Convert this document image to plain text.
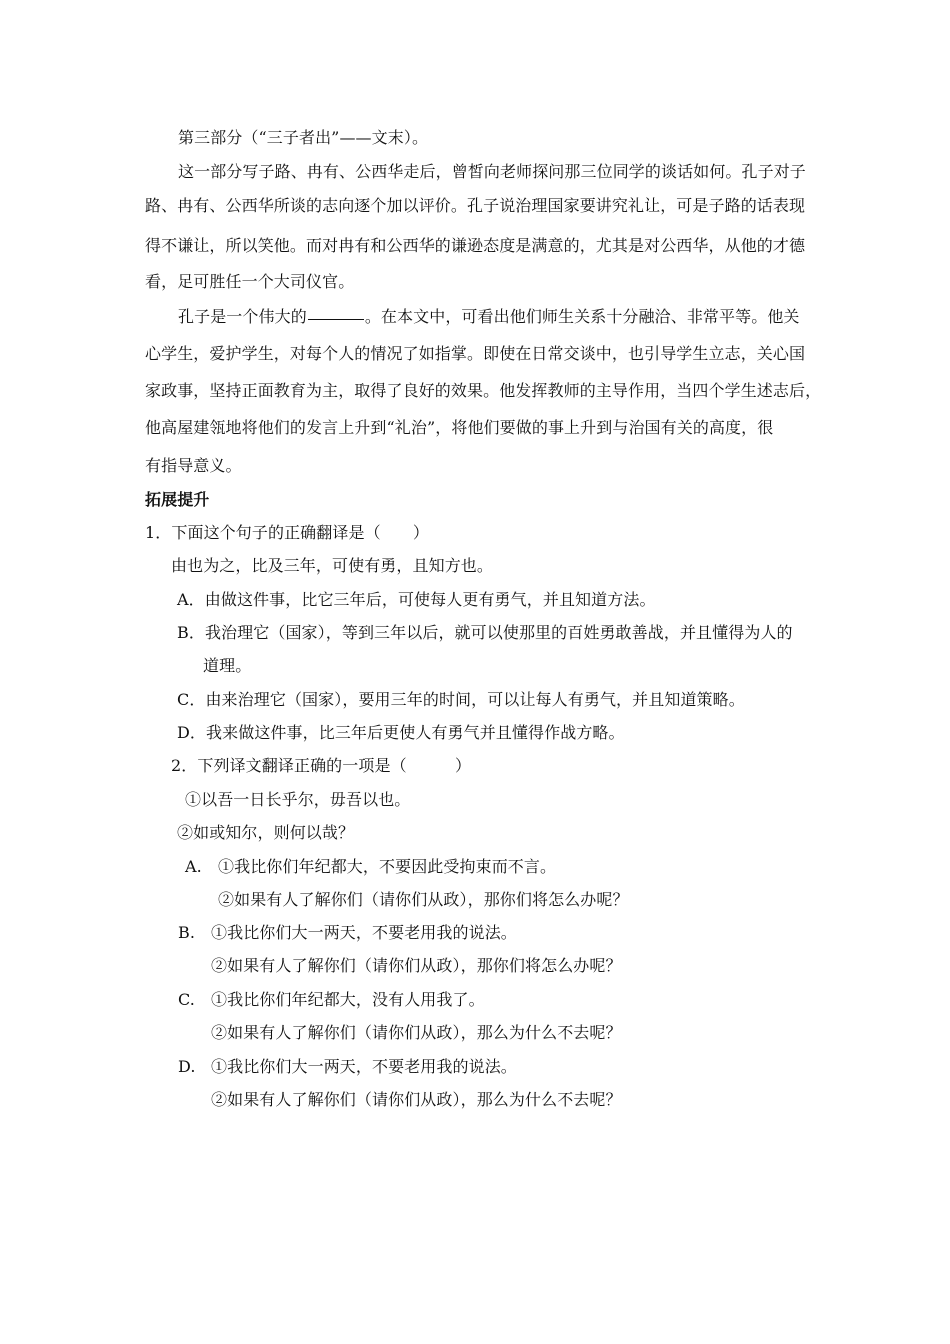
第三部分（“三子者出”——文末）。
这一部分写子路、冉有、公西华走后，曾皙向老师探问那三位同学的谈话如何。孔子对子
路、冉有、公西华所谈的志向逐个加以评价。孔子说治理国家要讲究礼让，可是子路的话表现
得不谦让，所以笑他。而对冉有和公西华的谦逊态度是满意的，尤其是对公西华，从他的才德
看，足可胜任一个大司仪官。
孔子是一个伟大的	。在本文中，可看出他们师生关系十分融洽、非常平等。他关
心学生，爱护学生，对每个人的情况了如指掌。即使在日常交谈中，也引导学生立志，关心国
家政事，坚持正面教育为主，取得了良好的效果。他发挥教师的主导作用，当四个学生述志后，
他高屋建瓴地将他们的发言上升到“礼治”，将他们要做的事上升到与治国有关的高度，很
有指导意义。
拓展提升
1．下面这个句子的正确翻译是（　　）
由也为之，比及三年，可使有勇，且知方也。
A．由做这件事，比它三年后，可使每人更有勇气，并且知道方法。
B．我治理它（国家），等到三年以后，就可以使那里的百姓勇敢善战，并且懂得为人的
道理。
C．由来治理它（国家），要用三年的时间，可以让每人有勇气，并且知道策略。
D．我来做这件事，比三年后更使人有勇气并且懂得作战方略。
2．下列译文翻译正确的一项是（　　　）
①以吾一日长乎尔，毋吾以也。
②如或知尔，则何以哉？
A. ①我比你们年纪都大，不要因此受拘束而不言。
②如果有人了解你们（请你们从政），那你们将怎么办呢？
B. ①我比你们大一两天，不要老用我的说法。
②如果有人了解你们（请你们从政），那你们将怎么办呢？
C. ①我比你们年纪都大，没有人用我了。
②如果有人了解你们（请你们从政），那么为什么不去呢？
D. ①我比你们大一两天，不要老用我的说法。
②如果有人了解你们（请你们从政），那么为什么不去呢？
